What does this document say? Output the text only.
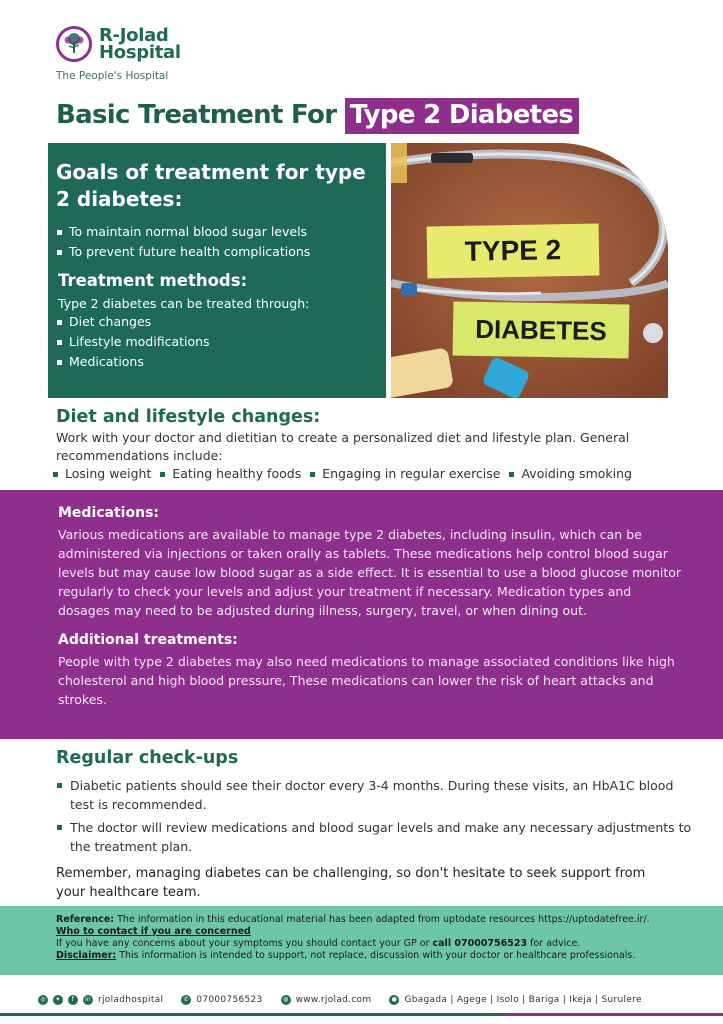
R-Jolad
Hospital
The People's Hospital
Basic Treatment For Type 2 Diabetes
Goals of treatment for type 2 diabetes:
To maintain normal blood sugar levels
To prevent future health complications
Treatment methods:
Type 2 diabetes can be treated through:
Diet changes
Lifestyle modifications
Medications
TYPE 2
DIABETES
Diet and lifestyle changes:
Work with your doctor and dietitian to create a personalized diet and lifestyle plan. General recommendations include:
Losing weight	Eating healthy foods	Engaging in regular exercise	Avoiding smoking
Medications:
Various medications are available to manage type 2 diabetes, including insulin, which can be administered via injections or taken orally as tablets. These medications help control blood sugar levels but may cause low blood sugar as a side effect. It is essential to use a blood glucose monitor regularly to check your levels and adjust your treatment if necessary. Medication types and dosages may need to be adjusted during illness, surgery, travel, or when dining out.
Additional treatments:
People with type 2 diabetes may also need medications to manage associated conditions like high cholesterol and high blood pressure, These medications can lower the risk of heart attacks and strokes.
Regular check-ups
Diabetic patients should see their doctor every 3-4 months. During these visits, an HbA1C blood test is recommended.
The doctor will review medications and blood sugar levels and make any necessary adjustments to the treatment plan.
Remember, managing diabetes can be challenging, so don't hesitate to seek support from your healthcare team.
Reference: The information in this educational material has been adapted from uptodate resources https://uptodatefree.ir/.
Who to contact if you are concerned
If you have any concerns about your symptoms you should contact your GP or call 07000756523 for advice.
Disclaimer: This information is intended to support, not replace, discussion with your doctor or healthcare professionals.
◎	✦	f	in rjoladhospital	✆ 07000756523	◍ www.rjolad.com	● Gbagada | Agege | Isolo | Bariga | Ikeja | Surulere
